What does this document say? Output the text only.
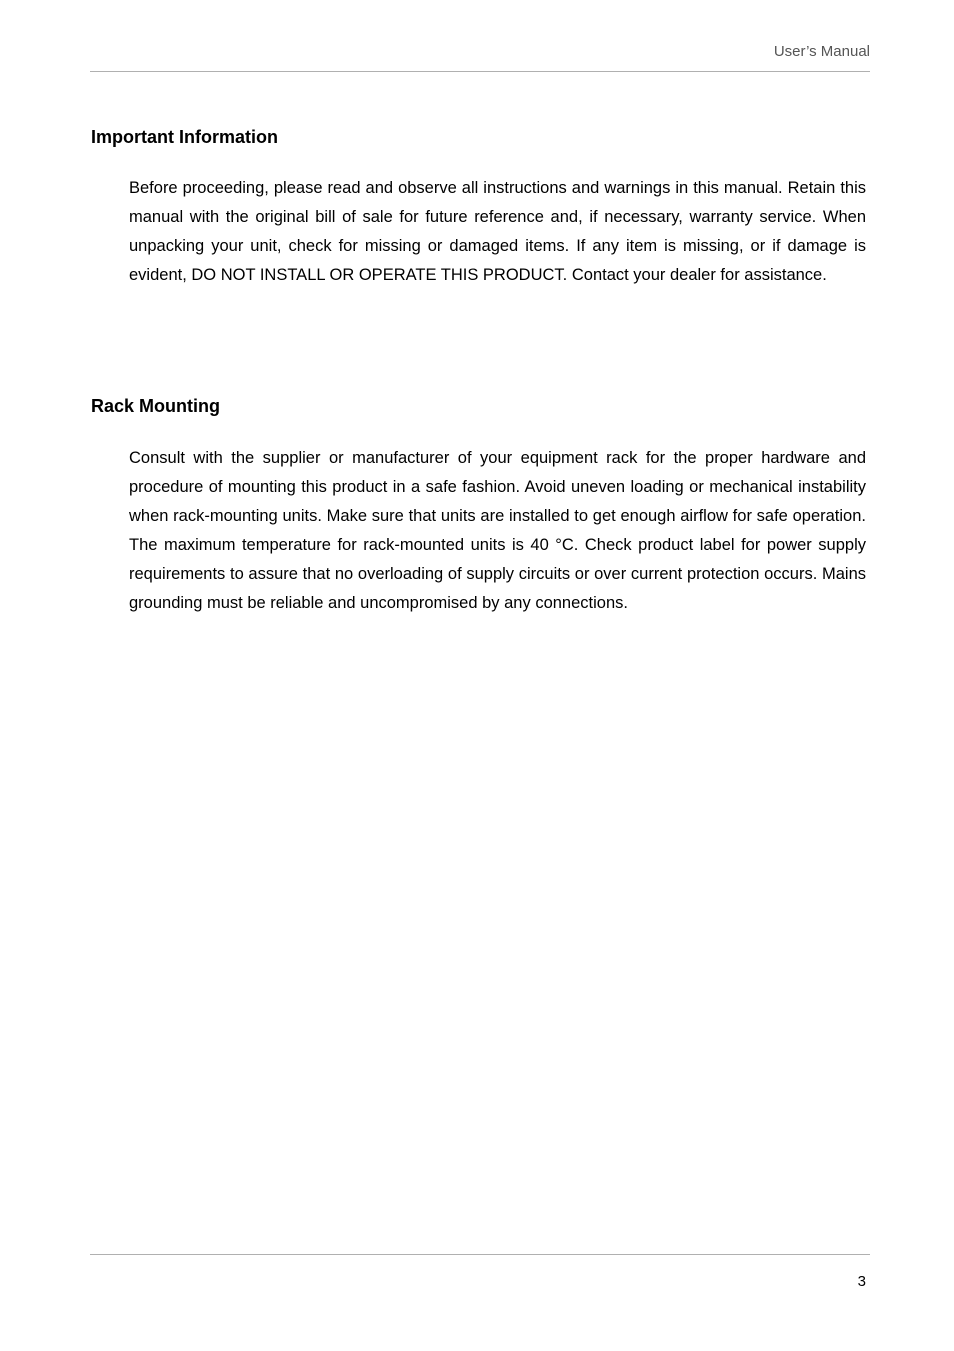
User’s Manual
Important Information

Before proceeding, please read and observe all instructions and warnings in this manual. Retain this manual with the original bill of sale for future reference and, if necessary, warranty service. When unpacking your unit, check for missing or damaged items. If any item is missing, or if damage is evident, DO NOT INSTALL OR OPERATE THIS PRODUCT. Contact your dealer for assistance.

Rack Mounting

Consult with the supplier or manufacturer of your equipment rack for the proper hardware and procedure of mounting this product in a safe fashion. Avoid uneven loading or mechanical instability when rack-mounting units. Make sure that units are installed to get enough airflow for safe operation. The maximum temperature for rack-mounted units is 40 °C. Check product label for power supply requirements to assure that no overloading of supply circuits or over current protection occurs. Mains grounding must be reliable and uncompromised by any connections.

3
